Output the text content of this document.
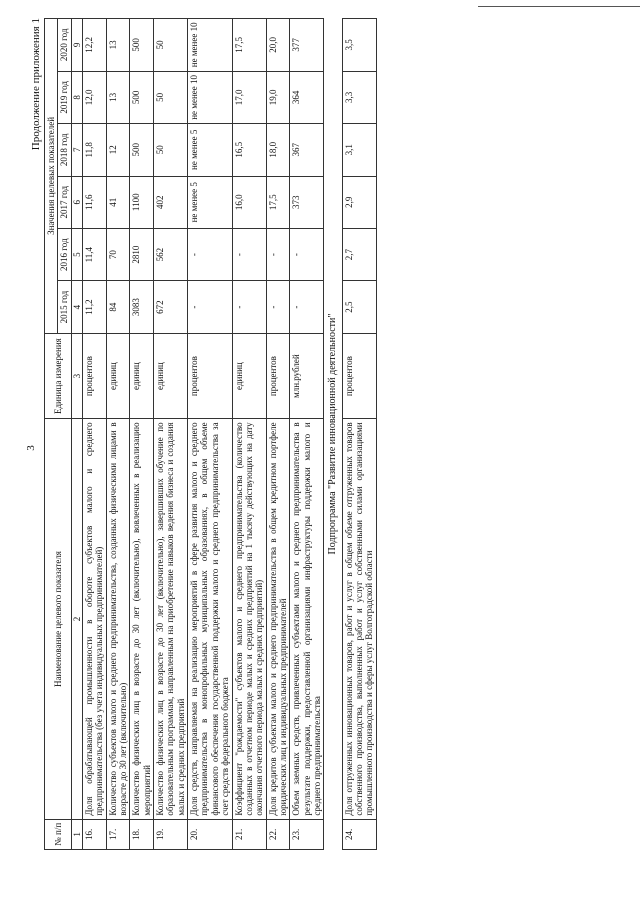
3
Продолжение приложения 1
№ п/п	Наименование целевого показателя	Единица измерения	Значения целевых показателей					
			2015 год	2016 год	2017 год	2018 год	2019 год	2020 год
1	2	3	4	5	6	7	8	9
16.	Доля обрабатывающей промышленности в обороте субъектов малого и среднего предпринимательства (без учета индивидуальных предпринимателей)	процентов	11,2	11,4	11,6	11,8	12,0	12,2
17.	Количество субъектов малого и среднего предпринимательства, созданных физическими лицами в возрасте до 30 лет (включительно)	единиц	84	70	41	12	13	13
18.	Количество физических лиц в возрасте до 30 лет (включительно), вовлеченных в реализацию мероприятий	единиц	3083	2810	1100	500	500	500
19.	Количество физических лиц в возрасте до 30 лет (включительно), завершивших обучение по образовательным программам, направленным на приобретение навыков ведения бизнеса и создания малых и средних предприятий	единиц	672	562	402	50	50	50
20.	Доля средств, направляемая на реализацию мероприятий в сфере развития малого и среднего предпринимательства в монопрофильных муниципальных образованиях, в общем объеме финансового обеспечения государственной поддержки малого и среднего предпринимательства за счет средств федерального бюджета	процентов	-	-	не менее 5	не менее 5	не менее 10	не менее 10
21.	Коэффициент "рождаемости" субъектов малого и среднего предпринимательства (количество созданных в отчетном периоде малых и средних предприятий на 1 тысячу действующих на дату окончания отчетного периода малых и средних предприятий)	единиц	-	-	16,0	16,5	17,0	17,5
22.	Доля кредитов субъектам малого и среднего предпринимательства в общем кредитном портфеле юридических лиц и индивидуальных предпринимателей	процентов	-	-	17,5	18,0	19,0	20,0
23.	Объем заемных средств, привлеченных субъектами малого и среднего предпринимательства в результате поддержки, предоставленной организациями инфраструктуры поддержки малого и среднего предпринимательства	млн.рублей	-	-	373	367	364	377
Подпрограмма "Развитие инновационной деятельности"								
24.	Доля отгруженных инновационных товаров, работ и услуг в общем объеме отгруженных товаров собственного производства, выполненных работ и услуг собственными силами организациями промышленного производства и сферы услуг Волгоградской области	процентов	2,5	2,7	2,9	3,1	3,3	3,5
